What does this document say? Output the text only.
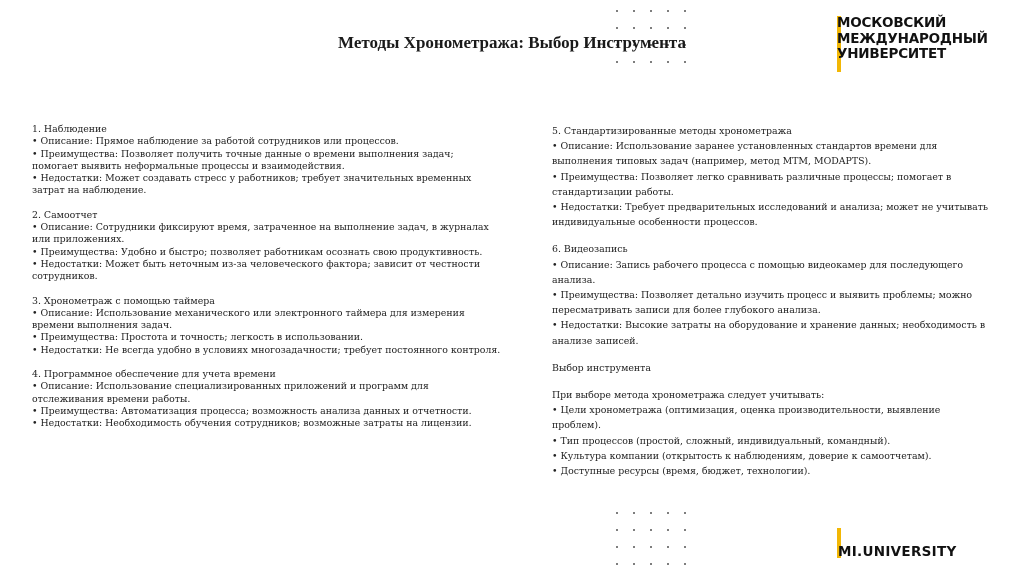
Методы Хронометража: Выбор Инструмента

МОСКОВСКИЙ
МЕЖДУНАРОДНЫЙ
УНИВЕРСИТЕТ

1. Наблюдение
• Описание: Прямое наблюдение за работой сотрудников или процессов.
• Преимущества: Позволяет получить точные данные о времени выполнения задач; помогает выявить неформальные процессы и взаимодействия.
• Недостатки: Может создавать стресс у работников; требует значительных временных затрат на наблюдение.
2. Самоотчет
• Описание: Сотрудники фиксируют время, затраченное на выполнение задач, в журналах или приложениях.
• Преимущества: Удобно и быстро; позволяет работникам осознать свою продуктивность.
• Недостатки: Может быть неточным из-за человеческого фактора; зависит от честности сотрудников.
3. Хронометраж с помощью таймера
• Описание: Использование механического или электронного таймера для измерения времени выполнения задач.
• Преимущества: Простота и точность; легкость в использовании.
• Недостатки: Не всегда удобно в условиях многозадачности; требует постоянного контроля.
4. Программное обеспечение для учета времени
• Описание: Использование специализированных приложений и программ для отслеживания времени работы.
• Преимущества: Автоматизация процесса; возможность анализа данных и отчетности.
• Недостатки: Необходимость обучения сотрудников; возможные затраты на лицензии.
5. Стандартизированные методы хронометража
• Описание: Использование заранее установленных стандартов времени для выполнения типовых задач (например, метод MTM, MODAPTS).
• Преимущества: Позволяет легко сравнивать различные процессы; помогает в стандартизации работы.
• Недостатки: Требует предварительных исследований и анализа; может не учитывать индивидуальные особенности процессов.
6. Видеозапись
• Описание: Запись рабочего процесса с помощью видеокамер для последующего анализа.
• Преимущества: Позволяет детально изучить процесс и выявить проблемы; можно пересматривать записи для более глубокого анализа.
• Недостатки: Высокие затраты на оборудование и хранение данных; необходимость в анализе записей.
Выбор инструмента
При выборе метода хронометража следует учитывать:
• Цели хронометража (оптимизация, оценка производительности, выявление проблем).
• Тип процессов (простой, сложный, индивидуальный, командный).
• Культура компании (открытость к наблюдениям, доверие к самоотчетам).
• Доступные ресурсы (время, бюджет, технологии).

MI.UNIVERSITY
